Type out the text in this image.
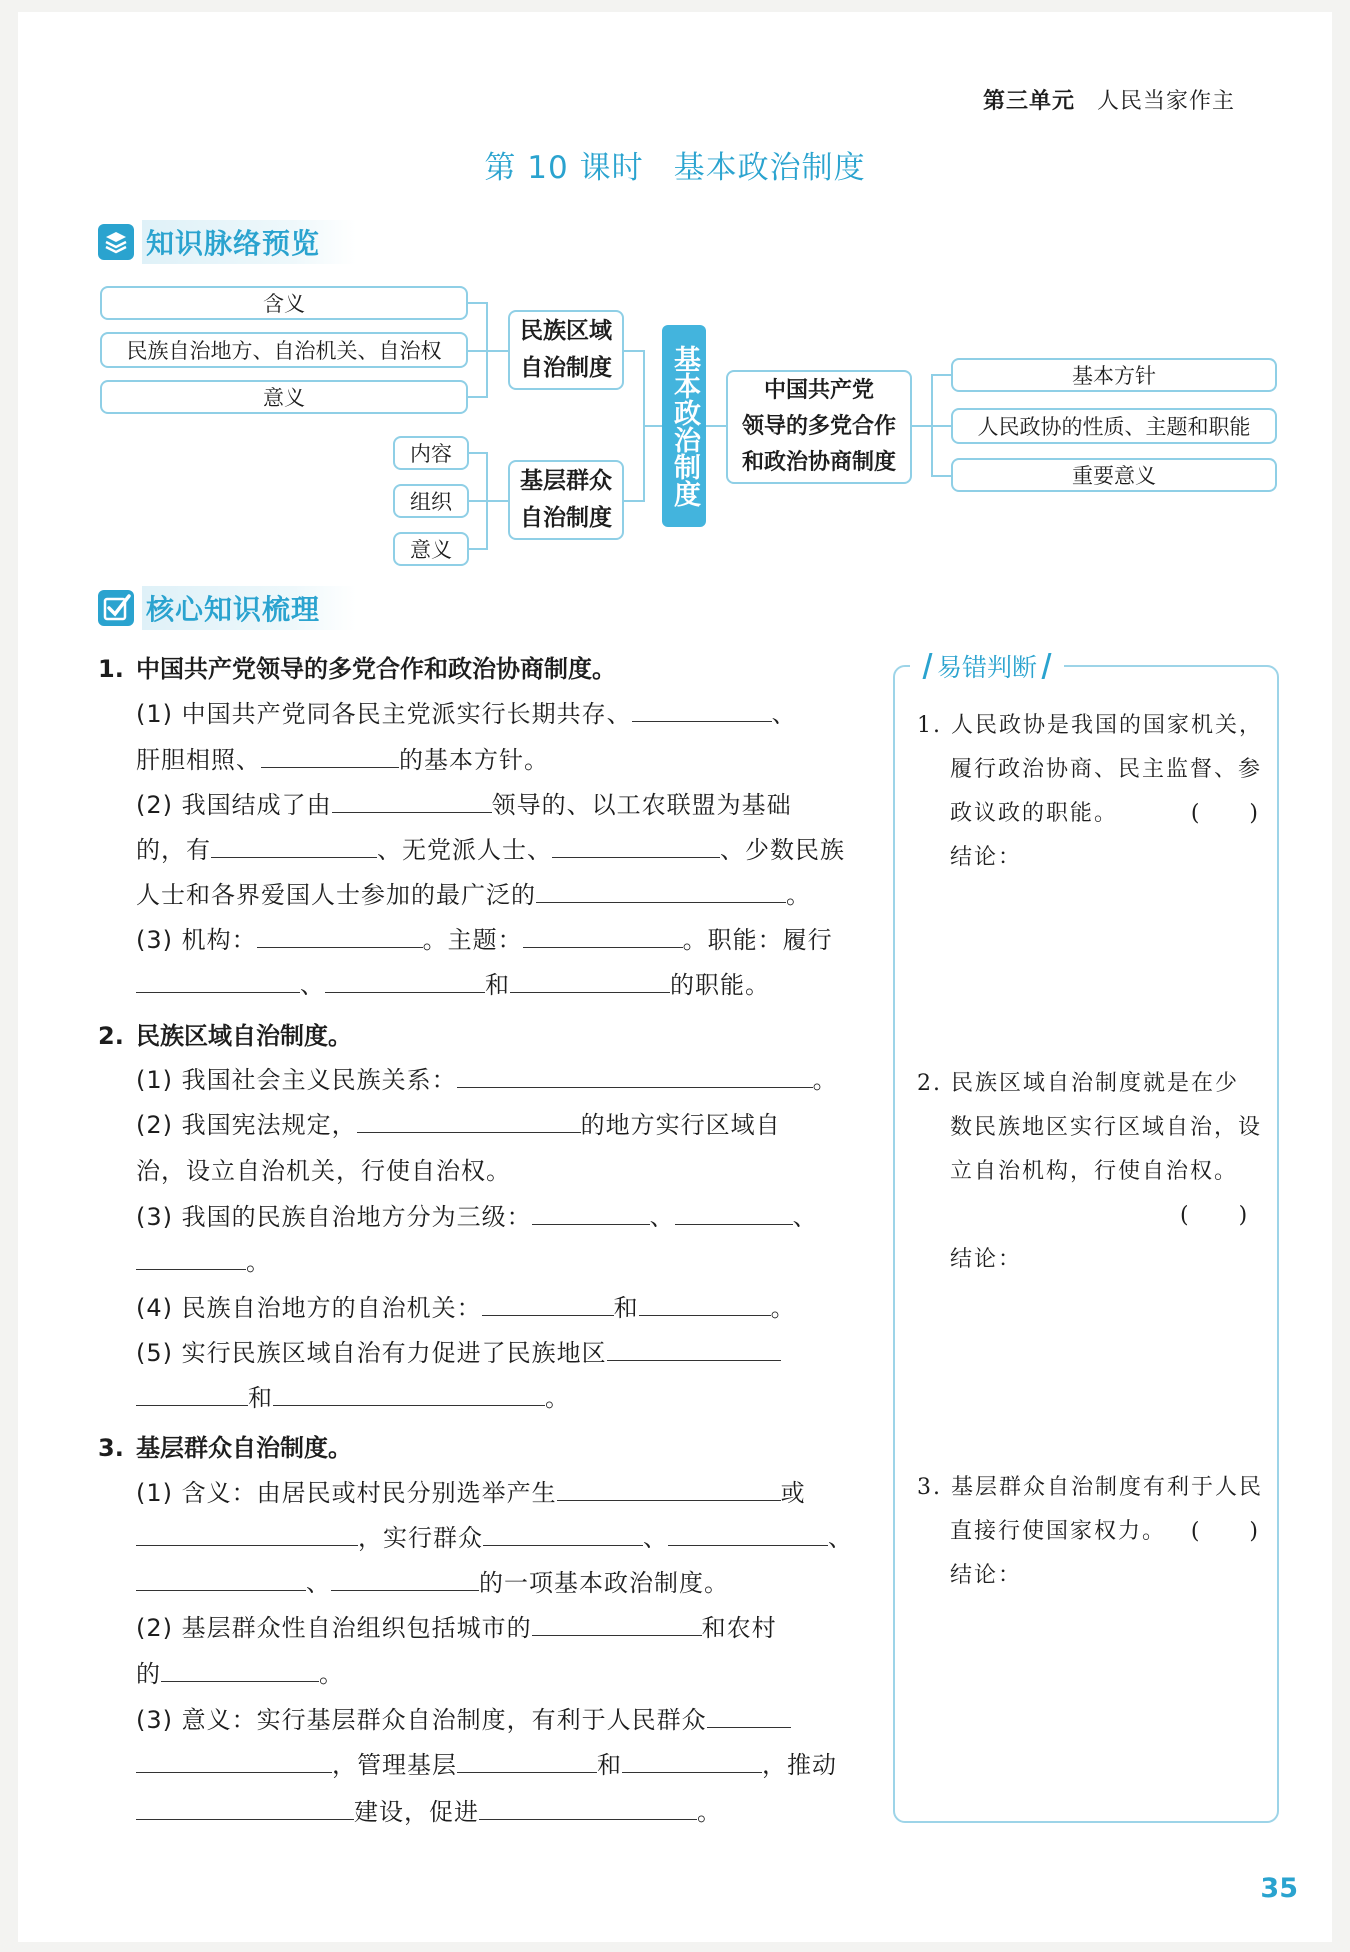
第三单元 人民当家作主
第 10 课时 基本政治制度
知识脉络预览
含义
民族自治地方、自治机关、自治权
意义
民族区域
自治制度
内容
组织
意义
基层群众
自治制度
基本政治制度	中国共产党
领导的多党合作
和政治协商制度
基本方针
人民政协的性质、主题和职能
重要意义
核心知识梳理
1. 中国共产党领导的多党合作和政治协商制度。
(1) 中国共产党同各民主党派实行长期共存、	、
肝胆相照、	的基本方针。
(2) 我国结成了由	领导的、以工农联盟为基础
的，有	、无党派人士、	、少数民族
人士和各界爱国人士参加的最广泛的	。
(3) 机构：	。主题：	。职能：履行
、	和	的职能。
2. 民族区域自治制度。
(1) 我国社会主义民族关系：	。
(2) 我国宪法规定，	的地方实行区域自
治，设立自治机关，行使自治权。
(3) 我国的民族自治地方分为三级：	、	、
。
(4) 民族自治地方的自治机关：	和	。
(5) 实行民族区域自治有力促进了民族地区
和	。
3. 基层群众自治制度。
(1) 含义：由居民或村民分别选举产生	或
，实行群众	、	、
、	的一项基本政治制度。
(2) 基层群众性自治组织包括城市的	和农村
的	。
(3) 意义：实行基层群众自治制度，有利于人民群众
，管理基层	和	，推动
建设，促进	。
易错判断
1. 人民政协是我国的国家机关，
履行政治协商、民主监督、参
政议政的职能。	(　　)
结论：
2. 民族区域自治制度就是在少
数民族地区实行区域自治，设
立自治机构，行使自治权。
(　　)
结论：
3. 基层群众自治制度有利于人民
直接行使国家权力。 (　　)
结论：
35
